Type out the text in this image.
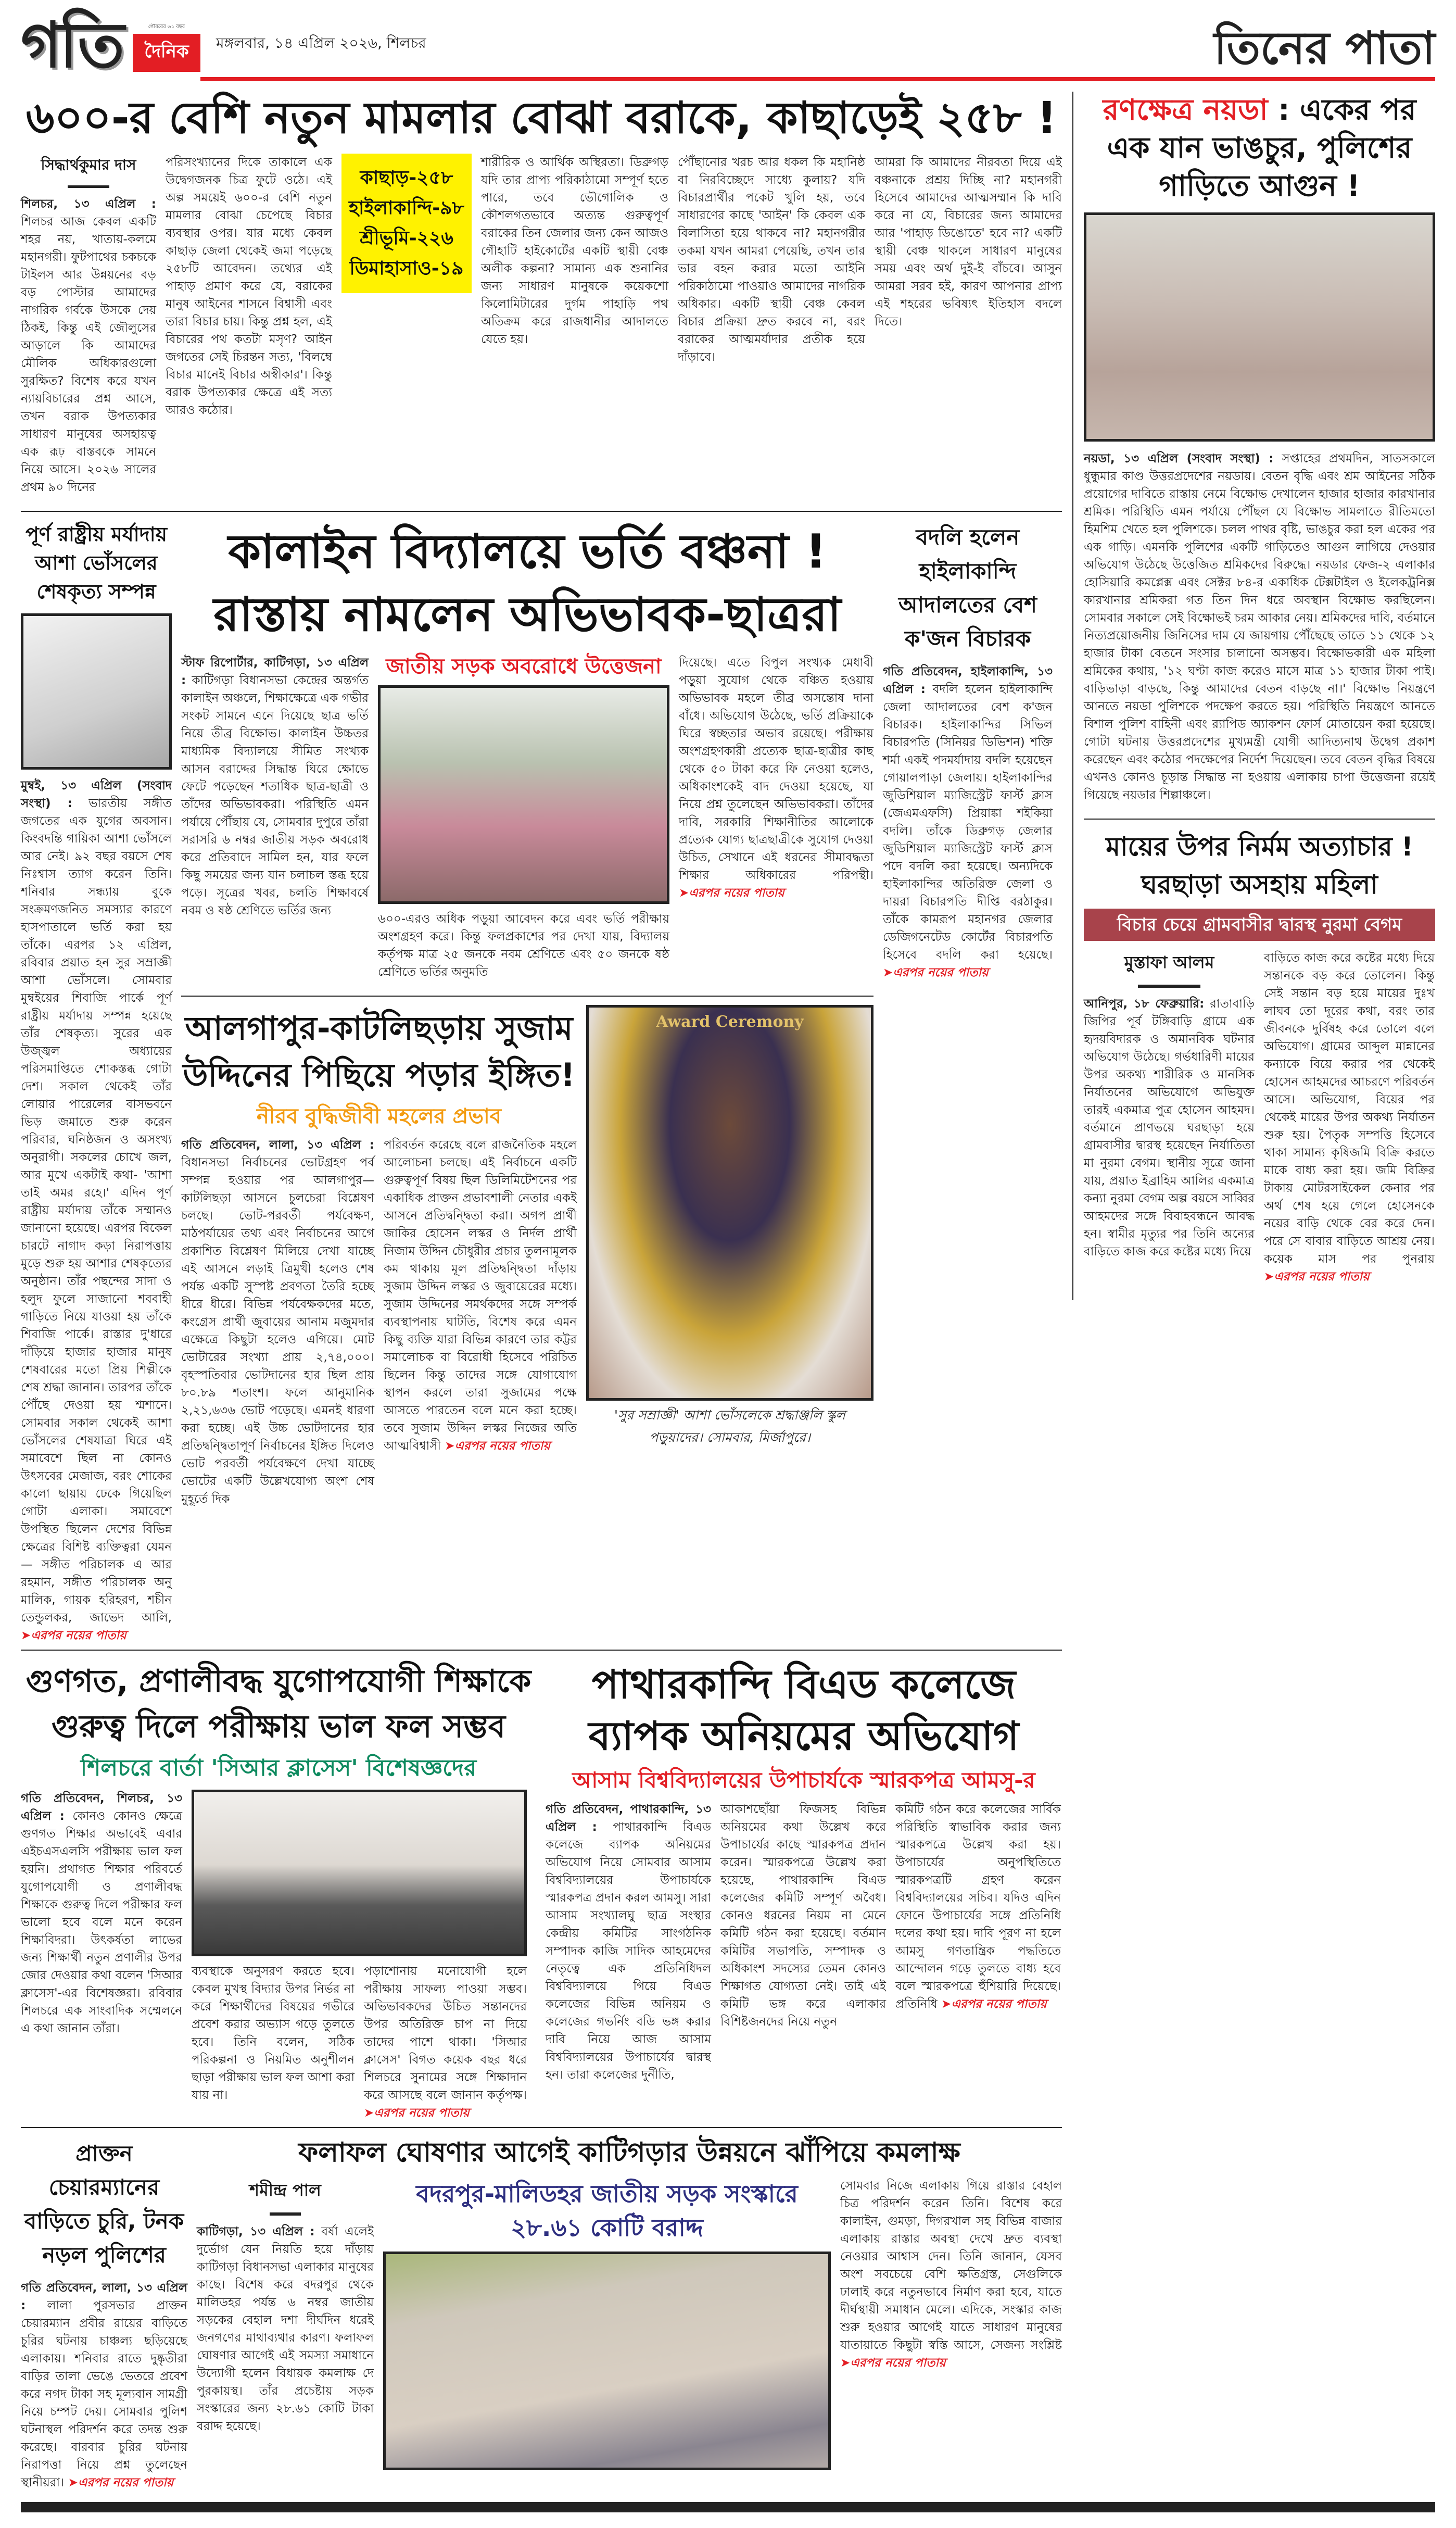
গতি	গৌরবের ৬১ বছর
দৈনিক	মঙ্গলবার, ১৪ এপ্রিল ২০২৬, শিলচর	তিনের পাতা
৬০০-র বেশি নতুন মামলার বোঝা বরাকে, কাছাড়েই ২৫৮ !
সিদ্ধার্থকুমার দাস
শিলচর, ১৩ এপ্রিল : শিলচর আজ কেবল একটি শহর নয়, খাতায়-কলমে মহানগরী। ফুটপাথের চকচকে টাইলস আর উন্নয়নের বড় বড় পোস্টার আমাদের নাগরিক গর্বকে উসকে দেয় ঠিকই, কিন্তু এই জৌলুসের আড়ালে কি আমাদের মৌলিক অধিকারগুলো সুরক্ষিত? বিশেষ করে যখন ন্যায়বিচারের প্রশ্ন আসে, তখন বরাক উপত্যকার সাধারণ মানুষের অসহায়ত্ব এক রূঢ় বাস্তবকে সামনে নিয়ে আসে। ২০২৬ সালের প্রথম ৯০ দিনের
পরিসংখ্যানের দিকে তাকালে এক উদ্বেগজনক চিত্র ফুটে ওঠে। এই অল্প সময়েই ৬০০-র বেশি নতুন মামলার বোঝা চেপেছে বিচার ব্যবস্থার ওপর। যার মধ্যে কেবল কাছাড় জেলা থেকেই জমা পড়েছে ২৫৮টি আবেদন। তথ্যের এই পাহাড় প্রমাণ করে যে, বরাকের মানুষ আইনের শাসনে বিশ্বাসী এবং তারা বিচার চায়। কিন্তু প্রশ্ন হল, এই বিচারের পথ কতটা মসৃণ? আইন জগতের সেই চিরন্তন সত্য, 'বিলম্বে বিচার মানেই বিচার অস্বীকার'। কিন্তু বরাক উপত্যকার ক্ষেত্রে এই সত্য আরও কঠোর।
কাছাড়-২৫৮
হাইলাকান্দি-৯৮
শ্রীভূমি-২২৬
ডিমাহাসাও-১৯
শারীরিক ও আর্থিক অস্থিরতা। ডিব্রুগড় যদি তার প্রাপ্য পরিকাঠামো সম্পূর্ণ হতে পারে, তবে ভৌগোলিক ও কৌশলগতভাবে অত্যন্ত গুরুত্বপূর্ণ বরাকের তিন জেলার জন্য কেন আজও গৌহাটি হাইকোর্টের একটি স্থায়ী বেঞ্চ অলীক কল্পনা? সামান্য এক শুনানির জন্য সাধারণ মানুষকে কয়েকশো কিলোমিটারের দুর্গম পাহাড়ি পথ অতিক্রম করে রাজধানীর আদালতে যেতে হয়।
পৌঁছানোর খরচ আর ধকল কি মহানিষ্ঠ বা নিরবিচ্ছেদে সাধ্যে কুলায়? যদি বিচারপ্রার্থীর পকেট খুলি হয়, তবে সাধারণের কাছে 'আইন' কি কেবল এক বিলাসিতা হয়ে থাকবে না? মহানগরীর তকমা যখন আমরা পেয়েছি, তখন তার ভার বহন করার মতো আইনি পরিকাঠামো পাওয়াও আমাদের নাগরিক অধিকার। একটি স্থায়ী বেঞ্চ কেবল বিচার প্রক্রিয়া দ্রুত করবে না, বরং বরাকের আত্মমর্যাদার প্রতীক হয়ে দাঁড়াবে।
আমরা কি আমাদের নীরবতা দিয়ে এই বঞ্চনাকে প্রশ্রয় দিচ্ছি না? মহানগরী হিসেবে আমাদের আত্মসম্মান কি দাবি করে না যে, বিচারের জন্য আমাদের আর 'পাহাড় ডিঙোতে' হবে না? একটি স্থায়ী বেঞ্চ থাকলে সাধারণ মানুষের সময় এবং অর্থ দুই-ই বাঁচবে। আসুন আমরা সরব হই, কারণ আপনার প্রাপ্য এই শহরের ভবিষ্যৎ ইতিহাস বদলে দিতে।
পূর্ণ রাষ্ট্রীয় মর্যাদায় আশা ভোঁসলের শেষকৃত্য সম্পন্ন
মুম্বই, ১৩ এপ্রিল (সংবাদ সংস্থা) : ভারতীয় সঙ্গীত জগতের এক যুগের অবসান। কিংবদন্তি গায়িকা আশা ভোঁসলে আর নেই। ৯২ বছর বয়সে শেষ নিঃশ্বাস ত্যাগ করেন তিনি। শনিবার সন্ধ্যায় বুকে সংক্রমণজনিত সমস্যার কারণে হাসপাতালে ভর্তি করা হয় তাঁকে। এরপর ১২ এপ্রিল, রবিবার প্রয়াত হন সুর সম্রাজ্ঞী আশা ভোঁসলে। সোমবার মুম্বইয়ের শিবাজি পার্কে পূর্ণ রাষ্ট্রীয় মর্যাদায় সম্পন্ন হয়েছে তাঁর শেষকৃত্য। সুরের এক উজ্জ্বল অধ্যায়ের পরিসমাপ্তিতে শোকস্তব্ধ গোটা দেশ। সকাল থেকেই তাঁর লোয়ার পারেলের বাসভবনে ভিড় জমাতে শুরু করেন পরিবার, ঘনিষ্ঠজন ও অসংখ্য অনুরাগী। সকলের চোখে জল, আর মুখে একটাই কথা- 'আশা তাই অমর রহে।' এদিন পূর্ণ রাষ্ট্রীয় মর্যাদায় তাঁকে সম্মানও জানানো হয়েছে। এরপর বিকেল চারটে নাগাদ কড়া নিরাপত্তায় মুড়ে শুরু হয় আশার শেষকৃত্যের অনুষ্ঠান। তাঁর পছন্দের সাদা ও হলুদ ফুলে সাজানো শববাহী গাড়িতে নিয়ে যাওয়া হয় তাঁকে শিবাজি পার্কে। রাস্তার দু'ধারে দাঁড়িয়ে হাজার হাজার মানুষ শেষবারের মতো প্রিয় শিল্পীকে শেষ শ্রদ্ধা জানান। তারপর তাঁকে পৌঁছে দেওয়া হয় শ্মশানে। সোমবার সকাল থেকেই আশা ভোঁসলের শেষযাত্রা ঘিরে এই সমাবেশে ছিল না কোনও উৎসবের মেজাজ, বরং শোকের কালো ছায়ায় ঢেকে গিয়েছিল গোটা এলাকা। সমাবেশে উপস্থিত ছিলেন দেশের বিভিন্ন ক্ষেত্রের বিশিষ্ট ব্যক্তিত্বরা যেমন— সঙ্গীত পরিচালক এ আর রহমান, সঙ্গীত পরিচালক অনু মালিক, গায়ক হরিহরণ, শচীন তেন্ডুলকর, জাভেদ আলি, ➤এরপর নয়ের পাতায়
কালাইন বিদ্যালয়ে ভর্তি বঞ্চনা !
রাস্তায় নামলেন অভিভাবক-ছাত্ররা
স্টাফ রিপোর্টার, কাটিগড়া, ১৩ এপ্রিল : কাটিগড়া বিধানসভা কেন্দ্রের অন্তর্গত কালাইন অঞ্চলে, শিক্ষাক্ষেত্রে এক গভীর সংকট সামনে এনে দিয়েছে ছাত্র ভর্তি নিয়ে তীব্র বিক্ষোভ। কালাইন উচ্চতর মাধ্যমিক বিদ্যালয়ে সীমিত সংখ্যক আসন বরাদ্দের সিদ্ধান্ত ঘিরে ক্ষোভে ফেটে পড়েছেন শতাধিক ছাত্র-ছাত্রী ও তাঁদের অভিভাবকরা। পরিস্থিতি এমন পর্যায়ে পৌঁছায় যে, সোমবার দুপুরে তাঁরা সরাসরি ৬ নম্বর জাতীয় সড়ক অবরোধ করে প্রতিবাদে সামিল হন, যার ফলে কিছু সময়ের জন্য যান চলাচল স্তব্ধ হয়ে পড়ে। সূত্রের খবর, চলতি শিক্ষাবর্ষে নবম ও ষষ্ঠ শ্রেণিতে ভর্তির জন্য
জাতীয় সড়ক অবরোধে উত্তেজনা
৬০০-এরও অধিক পড়ুয়া আবেদন করে এবং ভর্তি পরীক্ষায় অংশগ্রহণ করে। কিন্তু ফলপ্রকাশের পর দেখা যায়, বিদ্যালয় কর্তৃপক্ষ মাত্র ২৫ জনকে নবম শ্রেণিতে এবং ৫০ জনকে ষষ্ঠ শ্রেণিতে ভর্তির অনুমতি
দিয়েছে। এতে বিপুল সংখ্যক মেধাবী পড়ুয়া সুযোগ থেকে বঞ্চিত হওয়ায় অভিভাবক মহলে তীব্র অসন্তোষ দানা বাঁধে। অভিযোগ উঠেছে, ভর্তি প্রক্রিয়াকে ঘিরে স্বচ্ছতার অভাব রয়েছে। পরীক্ষায় অংশগ্রহণকারী প্রত্যেক ছাত্র-ছাত্রীর কাছ থেকে ৫০ টাকা করে ফি নেওয়া হলেও, অধিকাংশকেই বাদ দেওয়া হয়েছে, যা নিয়ে প্রশ্ন তুলেছেন অভিভাবকরা। তাঁদের দাবি, সরকারি শিক্ষানীতির আলোকে প্রত্যেক যোগ্য ছাত্রছাত্রীকে সুযোগ দেওয়া উচিত, সেখানে এই ধরনের সীমাবদ্ধতা শিক্ষার অধিকারের পরিপন্থী। ➤এরপর নয়ের পাতায়
আলগাপুর-কাটলিছড়ায় সুজাম উদ্দিনের পিছিয়ে পড়ার ইঙ্গিত!
নীরব বুদ্ধিজীবী মহলের প্রভাব
গতি প্রতিবেদন, লালা, ১৩ এপ্রিল : বিধানসভা নির্বাচনের ভোটগ্রহণ পর্ব সম্পন্ন হওয়ার পর আলগাপুর—কাটলিছড়া আসনে চুলচেরা বিশ্লেষণ চলছে। ভোট-পরবর্তী পর্যবেক্ষণ, মাঠপর্যায়ের তথ্য এবং নির্বাচনের আগে প্রকাশিত বিশ্লেষণ মিলিয়ে দেখা যাচ্ছে এই আসনে লড়াই ত্রিমুখী হলেও শেষ পর্যন্ত একটি সুস্পষ্ট প্রবণতা তৈরি হচ্ছে ধীরে ধীরে। বিভিন্ন পর্যবেক্ষকদের মতে, কংগ্রেস প্রার্থী জুবায়ের আনাম মজুমদার এক্ষেত্রে কিছুটা হলেও এগিয়ে। মোট ভোটারের সংখ্যা প্রায় ২,৭৪,০০০। বৃহস্পতিবার ভোটদানের হার ছিল প্রায় ৮০.৮৯ শতাংশ। ফলে আনুমানিক ২,২১,৬৩৬ ভোট পড়েছে। এমনই ধারণা করা হচ্ছে। এই উচ্চ ভোটদানের হার প্রতিদ্বন্দ্বিতাপূর্ণ নির্বাচনের ইঙ্গিত দিলেও ভোট পরবর্তী পর্যবেক্ষণে দেখা যাচ্ছে ভোটের একটি উল্লেখযোগ্য অংশ শেষ মুহূর্তে দিক
পরিবর্তন করেছে বলে রাজনৈতিক মহলে আলোচনা চলছে। এই নির্বাচনে একটি গুরুত্বপূর্ণ বিষয় ছিল ডিলিমিটেশনের পর একাধিক প্রাক্তন প্রভাবশালী নেতার একই আসনে প্রতিদ্বন্দ্বিতা করা। অগপ প্রার্থী জাকির হোসেন লস্কর ও নির্দল প্রার্থী নিজাম উদ্দিন চৌধুরীর প্রচার তুলনামূলক কম থাকায় মূল প্রতিদ্বন্দ্বিতা দাঁড়ায় সুজাম উদ্দিন লস্কর ও জুবায়েরের মধ্যে। সুজাম উদ্দিনের সমর্থকদের সঙ্গে সম্পর্ক ব্যবস্থাপনায় ঘাটতি, বিশেষ করে এমন কিছু ব্যক্তি যারা বিভিন্ন কারণে তার কট্টর সমালোচক বা বিরোধী হিসেবে পরিচিত ছিলেন কিন্তু তাদের সঙ্গে যোগাযোগ স্থাপন করলে তারা সুজামের পক্ষে আসতে পারতেন বলে মনে করা হচ্ছে। তবে সুজাম উদ্দিন লস্কর নিজের অতি আত্মবিশ্বাসী ➤এরপর নয়ের পাতায়
Award Ceremony
'সুর সম্রাজ্ঞী' আশা ভোঁসলেকে শ্রদ্ধাঞ্জলি স্কুল পড়ুয়াদের। সোমবার, মির্জাপুরে।
বদলি হলেন হাইলাকান্দি আদালতের বেশ ক'জন বিচারক
গতি প্রতিবেদন, হাইলাকান্দি, ১৩ এপ্রিল : বদলি হলেন হাইলাকান্দি জেলা আদালতের বেশ ক'জন বিচারক। হাইলাকান্দির সিভিল বিচারপতি (সিনিয়র ডিভিশন) শক্তি শর্মা একই পদমর্যাদায় বদলি হয়েছেন গোয়ালপাড়া জেলায়। হাইলাকান্দির জুডিশিয়াল ম্যাজিস্ট্রেট ফার্স্ট ক্লাস (জেএমএফসি) প্রিয়াঙ্কা শইকিয়া বদলি। তাঁকে ডিব্রুগড় জেলার জুডিশিয়াল ম্যাজিস্ট্রেট ফার্স্ট ক্লাস পদে বদলি করা হয়েছে। অন্যদিকে হাইলাকান্দির অতিরিক্ত জেলা ও দায়রা বিচারপতি দীপ্তি বরঠাকুর। তাঁকে কামরূপ মহানগর জেলার ডেজিগনেটেড কোর্টের বিচারপতি হিসেবে বদলি করা হয়েছে। ➤এরপর নয়ের পাতায়
গুণগত, প্রণালীবদ্ধ যুগোপযোগী শিক্ষাকে গুরুত্ব দিলে পরীক্ষায় ভাল ফল সম্ভব
শিলচরে বার্তা 'সিআর ক্লাসেস' বিশেষজ্ঞদের
গতি প্রতিবেদন, শিলচর, ১৩ এপ্রিল : কোনও কোনও ক্ষেত্রে গুণগত শিক্ষার অভাবেই এবার এইচএসএলসি পরীক্ষায় ভাল ফল হয়নি। প্রথাগত শিক্ষার পরিবর্তে যুগোপযোগী ও প্রণালীবদ্ধ শিক্ষাকে গুরুত্ব দিলে পরীক্ষার ফল ভালো হবে বলে মনে করেন শিক্ষাবিদরা। উৎকর্ষতা লাভের জন্য শিক্ষার্থী নতুন প্রণালীর উপর জোর দেওয়ার কথা বলেন 'সিআর ক্লাসেস'-এর বিশেষজ্ঞরা। রবিবার শিলচরে এক সাংবাদিক সম্মেলনে এ কথা জানান তাঁরা।
ব্যবস্থাকে অনুসরণ করতে হবে। কেবল মুখস্থ বিদ্যার উপর নির্ভর না করে শিক্ষার্থীদের বিষয়ের গভীরে প্রবেশ করার অভ্যাস গড়ে তুলতে হবে। তিনি বলেন, সঠিক পরিকল্পনা ও নিয়মিত অনুশীলন ছাড়া পরীক্ষায় ভাল ফল আশা করা যায় না।
পড়াশোনায় মনোযোগী হলে পরীক্ষায় সাফল্য পাওয়া সম্ভব। অভিভাবকদের উচিত সন্তানদের উপর অতিরিক্ত চাপ না দিয়ে তাদের পাশে থাকা। 'সিআর ক্লাসেস' বিগত কয়েক বছর ধরে শিলচরে সুনামের সঙ্গে শিক্ষাদান করে আসছে বলে জানান কর্তৃপক্ষ। ➤এরপর নয়ের পাতায়
পাথারকান্দি বিএড কলেজে ব্যাপক অনিয়মের অভিযোগ
আসাম বিশ্ববিদ্যালয়ের উপাচার্যকে স্মারকপত্র আমসু-র
গতি প্রতিবেদন, পাথারকান্দি, ১৩ এপ্রিল : পাথারকান্দি বিএড কলেজে ব্যাপক অনিয়মের অভিযোগ নিয়ে সোমবার আসাম বিশ্ববিদ্যালয়ের উপাচার্যকে স্মারকপত্র প্রদান করল আমসু। সারা আসাম সংখ্যালঘু ছাত্র সংস্থার কেন্দ্রীয় কমিটির সাংগঠনিক সম্পাদক কাজি সাদিক আহমেদের নেতৃত্বে এক প্রতিনিধিদল বিশ্ববিদ্যালয়ে গিয়ে বিএড কলেজের বিভিন্ন অনিয়ম ও কলেজের গভর্নিং বডি ভঙ্গ করার দাবি নিয়ে আজ আসাম বিশ্ববিদ্যালয়ের উপাচার্যের দ্বারস্থ হন। তারা কলেজের দুর্নীতি,
আকাশছোঁয়া ফিজসহ বিভিন্ন অনিয়মের কথা উল্লেখ করে উপাচার্যের কাছে স্মারকপত্র প্রদান করেন। স্মারকপত্রে উল্লেখ করা হয়েছে, পাথারকান্দি বিএড কলেজের কমিটি সম্পূর্ণ অবৈধ। কোনও ধরনের নিয়ম না মেনে কমিটি গঠন করা হয়েছে। বর্তমান কমিটির সভাপতি, সম্পাদক ও অধিকাংশ সদস্যের তেমন কোনও শিক্ষাগত যোগ্যতা নেই। তাই এই কমিটি ভঙ্গ করে এলাকার বিশিষ্টজনদের নিয়ে নতুন
কমিটি গঠন করে কলেজের সার্বিক পরিস্থিতি স্বাভাবিক করার জন্য স্মারকপত্রে উল্লেখ করা হয়। উপাচার্যের অনুপস্থিতিতে স্মারকপত্রটি গ্রহণ করেন বিশ্ববিদ্যালয়ের সচিব। যদিও এদিন ফোনে উপাচার্যের সঙ্গে প্রতিনিধি দলের কথা হয়। দাবি পূরণ না হলে আমসু গণতান্ত্রিক পদ্ধতিতে আন্দোলন গড়ে তুলতে বাধ্য হবে বলে স্মারকপত্রে হুঁশিয়ারি দিয়েছে। প্রতিনিধি ➤এরপর নয়ের পাতায়
প্রাক্তন চেয়ারম্যানের বাড়িতে চুরি, টনক নড়ল পুলিশের
গতি প্রতিবেদন, লালা, ১৩ এপ্রিল : লালা পুরসভার প্রাক্তন চেয়ারম্যান প্রবীর রায়ের বাড়িতে চুরির ঘটনায় চাঞ্চল্য ছড়িয়েছে এলাকায়। শনিবার রাতে দুষ্কৃতীরা বাড়ির তালা ভেঙে ভেতরে প্রবেশ করে নগদ টাকা সহ মূল্যবান সামগ্রী নিয়ে চম্পট দেয়। সোমবার পুলিশ ঘটনাস্থল পরিদর্শন করে তদন্ত শুরু করেছে। বারবার চুরির ঘটনায় নিরাপত্তা নিয়ে প্রশ্ন তুলেছেন স্থানীয়রা। ➤এরপর নয়ের পাতায়
ফলাফল ঘোষণার আগেই কাটিগড়ার উন্নয়নে ঝাঁপিয়ে কমলাক্ষ
শমীন্দ্র পাল
কাটিগড়া, ১৩ এপ্রিল : বর্ষা এলেই দুর্ভোগ যেন নিয়তি হয়ে দাঁড়ায় কাটিগড়া বিধানসভা এলাকার মানুষের কাছে। বিশেষ করে বদরপুর থেকে মালিডহর পর্যন্ত ৬ নম্বর জাতীয় সড়কের বেহাল দশা দীর্ঘদিন ধরেই জনগণের মাথাব্যথার কারণ। ফলাফল ঘোষণার আগেই এই সমস্যা সমাধানে উদ্যোগী হলেন বিধায়ক কমলাক্ষ দে পুরকায়স্থ। তাঁর প্রচেষ্টায় সড়ক সংস্কারের জন্য ২৮.৬১ কোটি টাকা বরাদ্দ হয়েছে।
বদরপুর-মালিডহর জাতীয় সড়ক সংস্কারে ২৮.৬১ কোটি বরাদ্দ
সোমবার নিজে এলাকায় গিয়ে রাস্তার বেহাল চিত্র পরিদর্শন করেন তিনি। বিশেষ করে কালাইন, গুমড়া, দিগরখাল সহ বিভিন্ন বাজার এলাকায় রাস্তার অবস্থা দেখে দ্রুত ব্যবস্থা নেওয়ার আশ্বাস দেন। তিনি জানান, যেসব অংশ সবচেয়ে বেশি ক্ষতিগ্রস্ত, সেগুলিকে ঢালাই করে নতুনভাবে নির্মাণ করা হবে, যাতে দীর্ঘস্থায়ী সমাধান মেলে। এদিকে, সংস্কার কাজ শুরু হওয়ার আগেই যাতে সাধারণ মানুষের যাতায়াতে কিছুটা স্বস্তি আসে, সেজন্য সংশ্লিষ্ট ➤এরপর নয়ের পাতায়
রণক্ষেত্র নয়ডা : একের পর এক যান ভাঙচুর, পুলিশের গাড়িতে আগুন !
নয়ডা, ১৩ এপ্রিল (সংবাদ সংস্থা) : সপ্তাহের প্রথমদিন, সাতসকালে ধুন্ধুমার কাণ্ড উত্তরপ্রদেশের নয়ডায়। বেতন বৃদ্ধি এবং শ্রম আইনের সঠিক প্রয়োগের দাবিতে রাস্তায় নেমে বিক্ষোভ দেখালেন হাজার হাজার কারখানার শ্রমিক। পরিস্থিতি এমন পর্যায়ে পৌঁছল যে বিক্ষোভ সামলাতে রীতিমতো হিমশিম খেতে হল পুলিশকে। চলল পাথর বৃষ্টি, ভাঙচুর করা হল একের পর এক গাড়ি। এমনকি পুলিশের একটি গাড়িতেও আগুন লাগিয়ে দেওয়ার অভিযোগ উঠেছে উত্তেজিত শ্রমিকদের বিরুদ্ধে। নয়ডার ফেজ-২ এলাকার হোসিয়ারি কমপ্লেক্স এবং সেক্টর ৮৪-র একাধিক টেক্সটাইল ও ইলেকট্রনিক্স কারখানার শ্রমিকরা গত তিন দিন ধরে অবস্থান বিক্ষোভ করছিলেন। সোমবার সকালে সেই বিক্ষোভই চরম আকার নেয়। শ্রমিকদের দাবি, বর্তমানে নিত্যপ্রয়োজনীয় জিনিসের দাম যে জায়গায় পৌঁছেছে তাতে ১১ থেকে ১২ হাজার টাকা বেতনে সংসার চালানো অসম্ভব। বিক্ষোভকারী এক মহিলা শ্রমিকের কথায়, '১২ ঘণ্টা কাজ করেও মাসে মাত্র ১১ হাজার টাকা পাই। বাড়িভাড়া বাড়ছে, কিন্তু আমাদের বেতন বাড়ছে না।' বিক্ষোভ নিয়ন্ত্রণে আনতে নয়ডা পুলিশকে পদক্ষেপ করতে হয়। পরিস্থিতি নিয়ন্ত্রণে আনতে বিশাল পুলিশ বাহিনী এবং র‍্যাপিড অ্যাকশন ফোর্স মোতায়েন করা হয়েছে। গোটা ঘটনায় উত্তরপ্রদেশের মুখ্যমন্ত্রী যোগী আদিত্যনাথ উদ্বেগ প্রকাশ করেছেন এবং কঠোর পদক্ষেপের নির্দেশ দিয়েছেন। তবে বেতন বৃদ্ধির বিষয়ে এখনও কোনও চূড়ান্ত সিদ্ধান্ত না হওয়ায় এলাকায় চাপা উত্তেজনা রয়েই গিয়েছে নয়ডার শিল্পাঞ্চলে।
মায়ের উপর নির্মম অত্যাচার ! ঘরছাড়া অসহায় মহিলা
বিচার চেয়ে গ্রামবাসীর দ্বারস্থ নুরমা বেগম
মুস্তাফা আলম
আনিপুর, ১৮ ফেব্রুয়ারি: রাতাবাড়ি জিপির পূর্ব টঙ্গিবাড়ি গ্রামে এক হৃদয়বিদারক ও অমানবিক ঘটনার অভিযোগ উঠেছে। গর্ভধারিণী মায়ের উপর অকথ্য শারীরিক ও মানসিক নির্যাতনের অভিযোগে অভিযুক্ত তারই একমাত্র পুত্র হোসেন আহমদ। বর্তমানে প্রাণভয়ে ঘরছাড়া হয়ে গ্রামবাসীর দ্বারস্থ হয়েছেন নির্যাতিতা মা নুরমা বেগম। স্থানীয় সূত্রে জানা যায়, প্রয়াত ইব্রাহিম আলির একমাত্র কন্যা নুরমা বেগম অল্প বয়সে সাব্বির আহমদের সঙ্গে বিবাহবন্ধনে আবদ্ধ হন। স্বামীর মৃত্যুর পর তিনি অন্যের বাড়িতে কাজ করে কষ্টের মধ্যে দিয়ে
বাড়িতে কাজ করে কষ্টের মধ্যে দিয়ে সন্তানকে বড় করে তোলেন। কিন্তু সেই সন্তান বড় হয়ে মায়ের দুঃখ লাঘব তো দূরের কথা, বরং তার জীবনকে দুর্বিষহ করে তোলে বলে অভিযোগ। গ্রামের আব্দুল মান্নানের কন্যাকে বিয়ে করার পর থেকেই হোসেন আহমদের আচরণে পরিবর্তন আসে। অভিযোগ, বিয়ের পর থেকেই মায়ের উপর অকথ্য নির্যাতন শুরু হয়। পৈতৃক সম্পত্তি হিসেবে থাকা সামান্য কৃষিজমি বিক্রি করতে মাকে বাধ্য করা হয়। জমি বিক্রির টাকায় মোটরসাইকেল কেনার পর অর্থ শেষ হয়ে গেলে হোসেনকে নয়ের বাড়ি থেকে বের করে দেন। পরে সে বাবার বাড়িতে আশ্রয় নেয়। কয়েক মাস পর পুনরায় ➤এরপর নয়ের পাতায়
